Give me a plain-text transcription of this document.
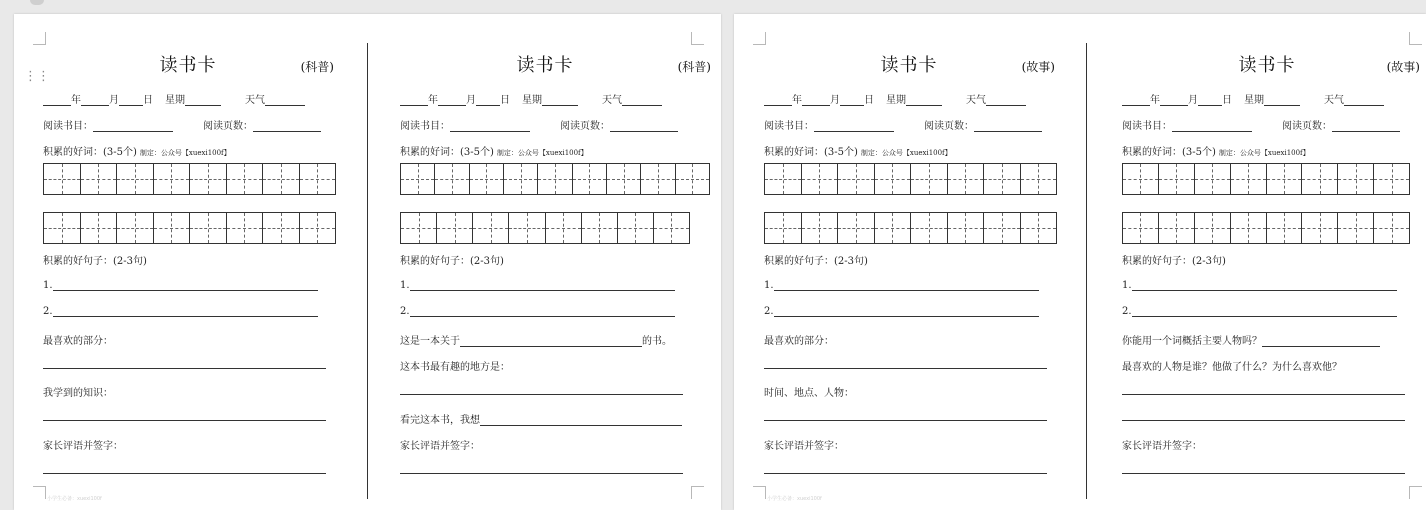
⋮⋮
小学生必备：xuexi100f
读书卡	(科普)
年	月 日 星期	天气
阅读书目：	阅读页数：
积累的好词：(3-5个) 制定：公众号【xuexi100f】
积累的好句子：(2-3句)
1.
2.
最喜欢的部分：
我学到的知识：
家长评语并签字：
读书卡	(科普)
年	月 日 星期	天气
阅读书目：	阅读页数：
积累的好词：(3-5个) 制定：公众号【xuexi100f】
积累的好句子：(2-3句)
1.
2.
这是一本关于	的书。
这本书最有趣的地方是：
看完这本书，我想
家长评语并签字：
小学生必备：xuexi100f
读书卡	(故事)
年	月 日 星期	天气
阅读书目：	阅读页数：
积累的好词：(3-5个) 制定：公众号【xuexi100f】
积累的好句子：(2-3句)
1.
2.
最喜欢的部分：
时间、地点、人物：
家长评语并签字：
读书卡	(故事)
年	月 日 星期	天气
阅读书目：	阅读页数：
积累的好词：(3-5个) 制定：公众号【xuexi100f】
积累的好句子：(2-3句)
1.
2.
你能用一个词概括主要人物吗？
最喜欢的人物是谁？他做了什么？为什么喜欢他？
家长评语并签字：
